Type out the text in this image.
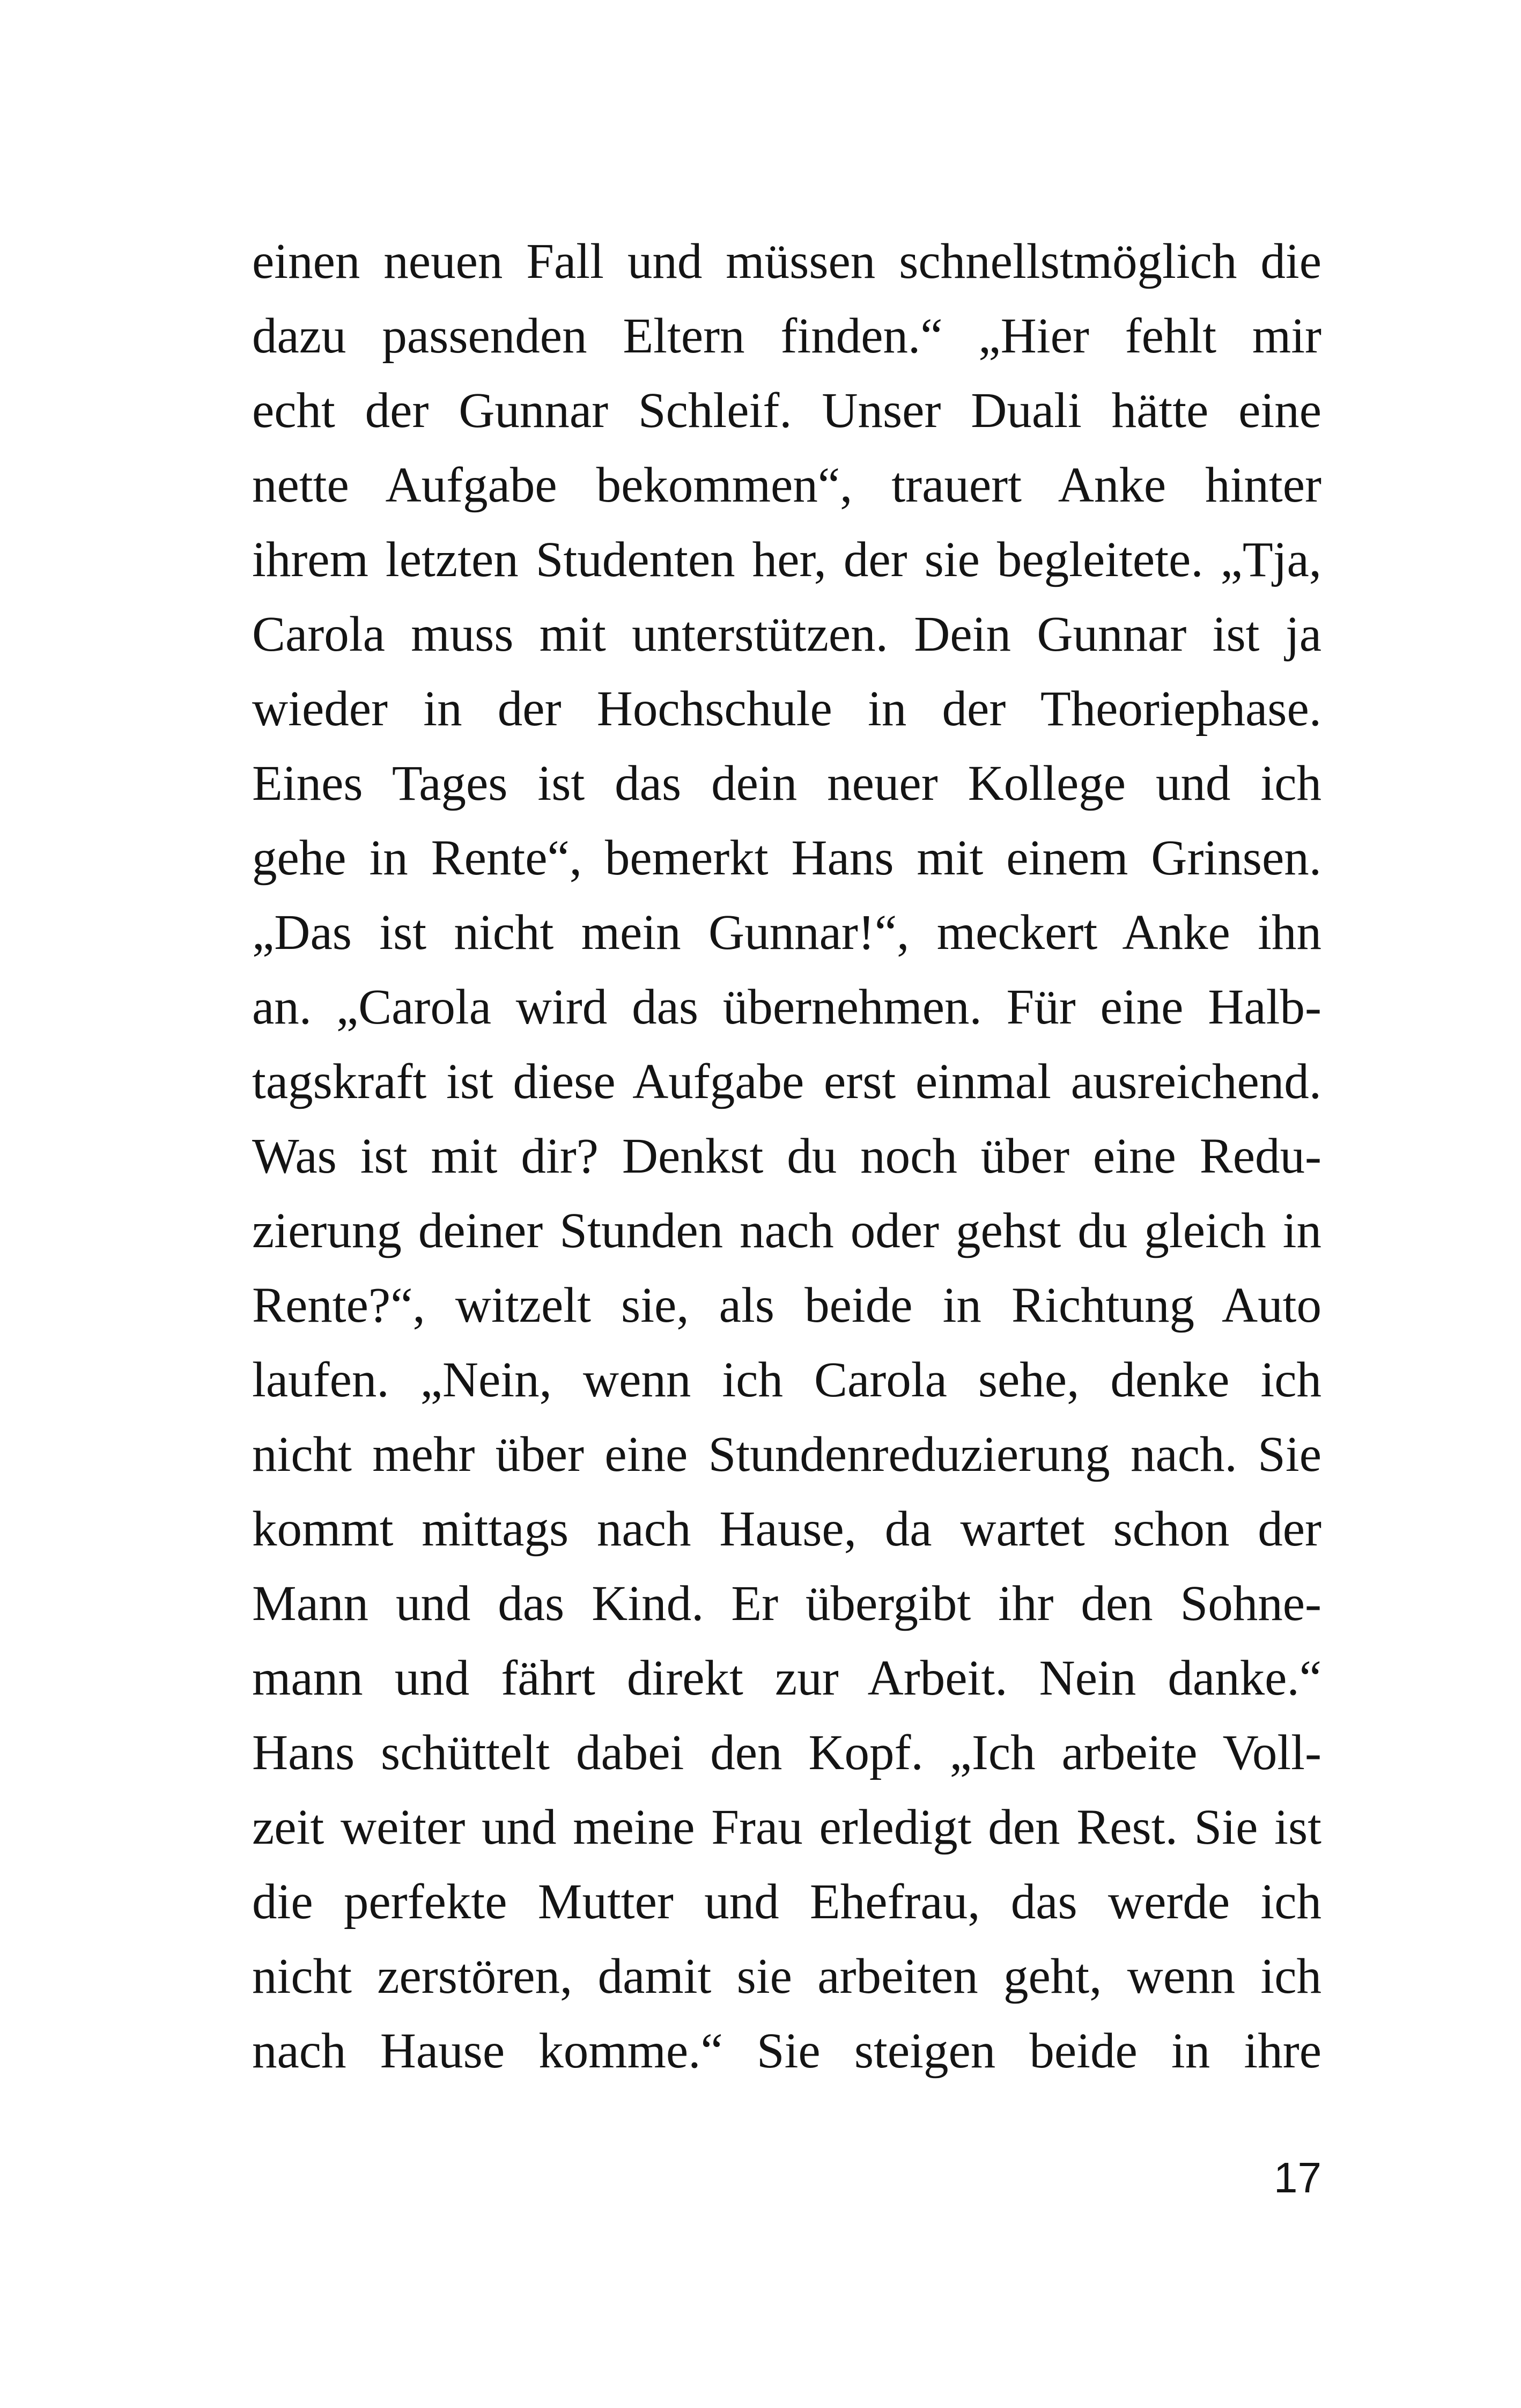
einen neuen Fall und müssen schnellstmöglich die
dazu passenden Eltern finden.“ „Hier fehlt mir
echt der Gunnar Schleif. Unser Duali hätte eine
nette Aufgabe bekommen“, trauert Anke hinter
ihrem letzten Studenten her, der sie begleitete. „Tja,
Carola muss mit unterstützen. Dein Gunnar ist ja
wieder in der Hochschule in der Theoriephase.
Eines Tages ist das dein neuer Kollege und ich
gehe in Rente“, bemerkt Hans mit einem Grinsen.
„Das ist nicht mein Gunnar!“, meckert Anke ihn
an. „Carola wird das übernehmen. Für eine Halb-
tagskraft ist diese Aufgabe erst einmal ausreichend.
Was ist mit dir? Denkst du noch über eine Redu-
zierung deiner Stunden nach oder gehst du gleich in
Rente?“, witzelt sie, als beide in Richtung Auto
laufen. „Nein, wenn ich Carola sehe, denke ich
nicht mehr über eine Stundenreduzierung nach. Sie
kommt mittags nach Hause, da wartet schon der
Mann und das Kind. Er übergibt ihr den Sohne-
mann und fährt direkt zur Arbeit. Nein danke.“
Hans schüttelt dabei den Kopf. „Ich arbeite Voll-
zeit weiter und meine Frau erledigt den Rest. Sie ist
die perfekte Mutter und Ehefrau, das werde ich
nicht zerstören, damit sie arbeiten geht, wenn ich
nach Hause komme.“ Sie steigen beide in ihre
17
